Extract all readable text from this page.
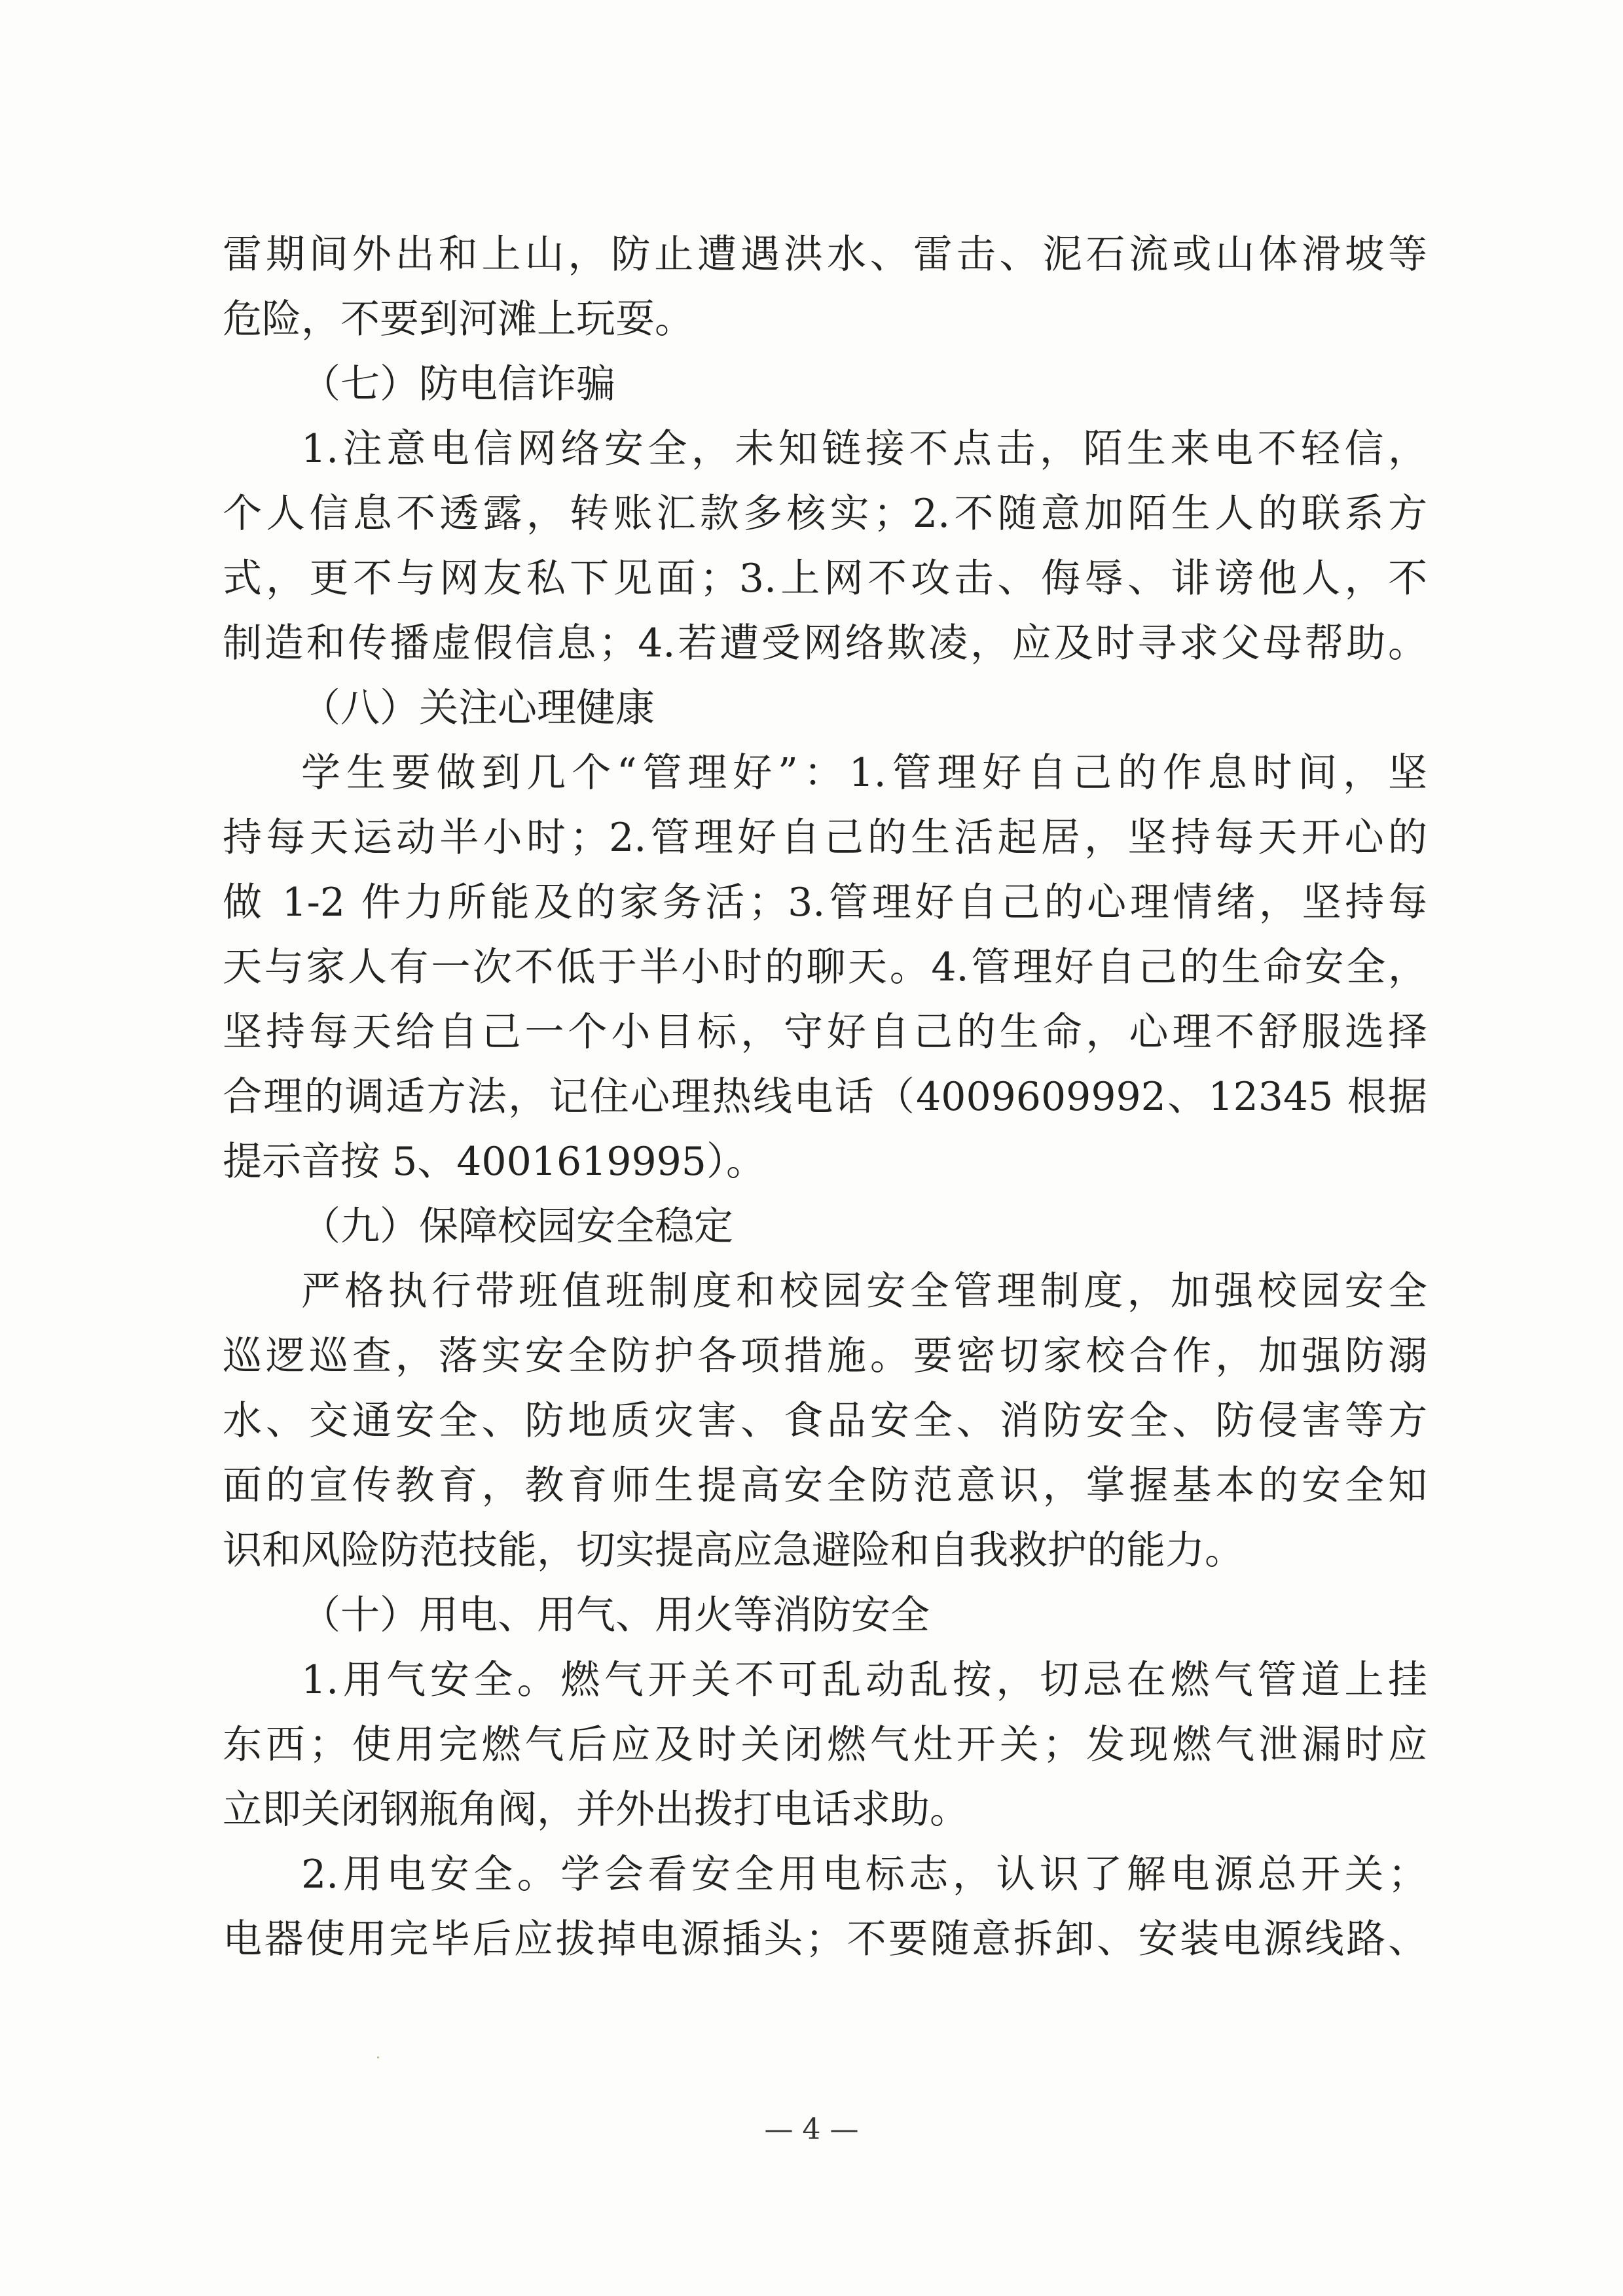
雷期间外出和上山，防止遭遇洪水、雷击、泥石流或山体滑坡等
危险，不要到河滩上玩耍。
（七）防电信诈骗
1.注意电信网络安全，未知链接不点击，陌生来电不轻信，
个人信息不透露，转账汇款多核实；2.不随意加陌生人的联系方
式，更不与网友私下见面；3.上网不攻击、侮辱、诽谤他人，不
制造和传播虚假信息；4.若遭受网络欺凌，应及时寻求父母帮助。
（八）关注心理健康
学生要做到几个“管理好”：1.管理好自己的作息时间，坚
持每天运动半小时；2.管理好自己的生活起居，坚持每天开心的
做 1-2 件力所能及的家务活；3.管理好自己的心理情绪，坚持每
天与家人有一次不低于半小时的聊天。4.管理好自己的生命安全，
坚持每天给自己一个小目标，守好自己的生命，心理不舒服选择
合理的调适方法，记住心理热线电话（4009609992、12345 根据
提示音按 5、4001619995）。
（九）保障校园安全稳定
严格执行带班值班制度和校园安全管理制度，加强校园安全
巡逻巡查，落实安全防护各项措施。要密切家校合作，加强防溺
水、交通安全、防地质灾害、食品安全、消防安全、防侵害等方
面的宣传教育，教育师生提高安全防范意识，掌握基本的安全知
识和风险防范技能，切实提高应急避险和自我救护的能力。
（十）用电、用气、用火等消防安全
1.用气安全。燃气开关不可乱动乱按，切忌在燃气管道上挂
东西；使用完燃气后应及时关闭燃气灶开关；发现燃气泄漏时应
立即关闭钢瓶角阀，并外出拨打电话求助。
2.用电安全。学会看安全用电标志，认识了解电源总开关；
电器使用完毕后应拔掉电源插头；不要随意拆卸、安装电源线路、
— 4 —
